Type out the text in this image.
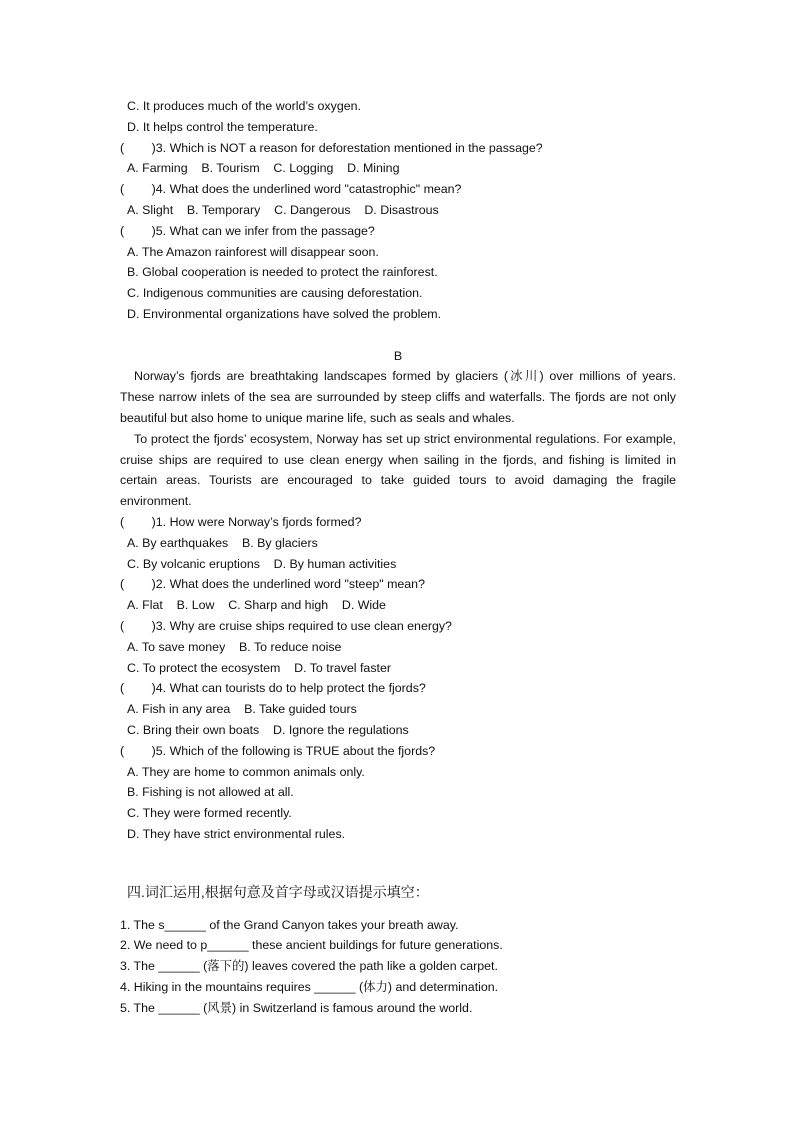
C. It produces much of the world’s oxygen.
D. It helps control the temperature.
(        )3. Which is NOT a reason for deforestation mentioned in the passage?
A. Farming    B. Tourism    C. Logging    D. Mining
(        )4. What does the underlined word "catastrophic" mean?
A. Slight    B. Temporary    C. Dangerous    D. Disastrous
(        )5. What can we infer from the passage?
A. The Amazon rainforest will disappear soon.
B. Global cooperation is needed to protect the rainforest.
C. Indigenous communities are causing deforestation.
D. Environmental organizations have solved the problem.
B
Norway’s fjords are breathtaking landscapes formed by glaciers (冰川) over millions of years. These narrow inlets of the sea are surrounded by steep cliffs and waterfalls. The fjords are not only beautiful but also home to unique marine life, such as seals and whales.
To protect the fjords’ ecosystem, Norway has set up strict environmental regulations. For example, cruise ships are required to use clean energy when sailing in the fjords, and fishing is limited in certain areas. Tourists are encouraged to take guided tours to avoid damaging the fragile environment.
(        )1. How were Norway’s fjords formed?
A. By earthquakes    B. By glaciers
C. By volcanic eruptions    D. By human activities
(        )2. What does the underlined word "steep" mean?
A. Flat    B. Low    C. Sharp and high    D. Wide
(        )3. Why are cruise ships required to use clean energy?
A. To save money    B. To reduce noise
C. To protect the ecosystem    D. To travel faster
(        )4. What can tourists do to help protect the fjords?
A. Fish in any area    B. Take guided tours
C. Bring their own boats    D. Ignore the regulations
(        )5. Which of the following is TRUE about the fjords?
A. They are home to common animals only.
B. Fishing is not allowed at all.
C. They were formed recently.
D. They have strict environmental rules.
四.词汇运用,根据句意及首字母或汉语提示填空：
1. The s______ of the Grand Canyon takes your breath away.
2. We need to p______ these ancient buildings for future generations.
3. The ______ (落下的) leaves covered the path like a golden carpet.
4. Hiking in the mountains requires ______ (体力) and determination.
5. The ______ (风景) in Switzerland is famous around the world.
